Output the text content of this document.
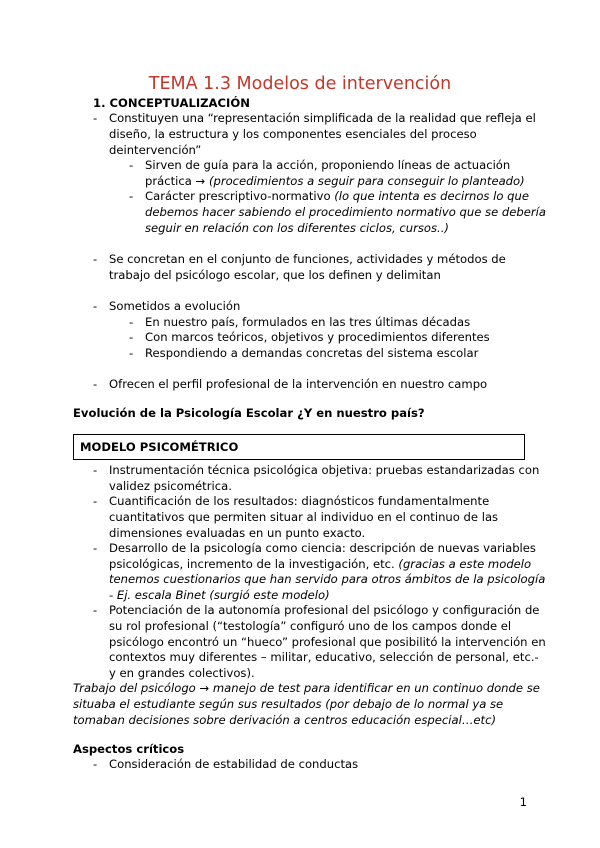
TEMA 1.3 Modelos de intervención
1. CONCEPTUALIZACIÓN
- Constituyen una “representación simplificada de la realidad que refleja el
diseño, la estructura y los componentes esenciales del proceso
deintervención”
- Sirven de guía para la acción, proponiendo líneas de actuación
práctica → (procedimientos a seguir para conseguir lo planteado)
- Carácter prescriptivo-normativo (lo que intenta es decirnos lo que
debemos hacer sabiendo el procedimiento normativo que se debería
seguir en relación con los diferentes ciclos, cursos..)
- Se concretan en el conjunto de funciones, actividades y métodos de
trabajo del psicólogo escolar, que los definen y delimitan
- Sometidos a evolución
- En nuestro país, formulados en las tres últimas décadas
- Con marcos teóricos, objetivos y procedimientos diferentes
- Respondiendo a demandas concretas del sistema escolar
- Ofrecen el perfil profesional de la intervención en nuestro campo
Evolución de la Psicología Escolar ¿Y en nuestro país?
MODELO PSICOMÉTRICO
- Instrumentación técnica psicológica objetiva: pruebas estandarizadas con
validez psicométrica.
- Cuantificación de los resultados: diagnósticos fundamentalmente
cuantitativos que permiten situar al individuo en el continuo de las
dimensiones evaluadas en un punto exacto.
- Desarrollo de la psicología como ciencia: descripción de nuevas variables
psicológicas, incremento de la investigación, etc. (gracias a este modelo
tenemos cuestionarios que han servido para otros ámbitos de la psicología
- Ej. escala Binet (surgió este modelo)
- Potenciación de la autonomía profesional del psicólogo y configuración de
su rol profesional (“testología” configuró uno de los campos donde el
psicólogo encontró un “hueco” profesional que posibilitó la intervención en
contextos muy diferentes – militar, educativo, selección de personal, etc.-
y en grandes colectivos).
Trabajo del psicólogo → manejo de test para identificar en un continuo donde se
situaba el estudiante según sus resultados (por debajo de lo normal ya se
tomaban decisiones sobre derivación a centros educación especial…etc)
Aspectos críticos
- Consideración de estabilidad de conductas
1
